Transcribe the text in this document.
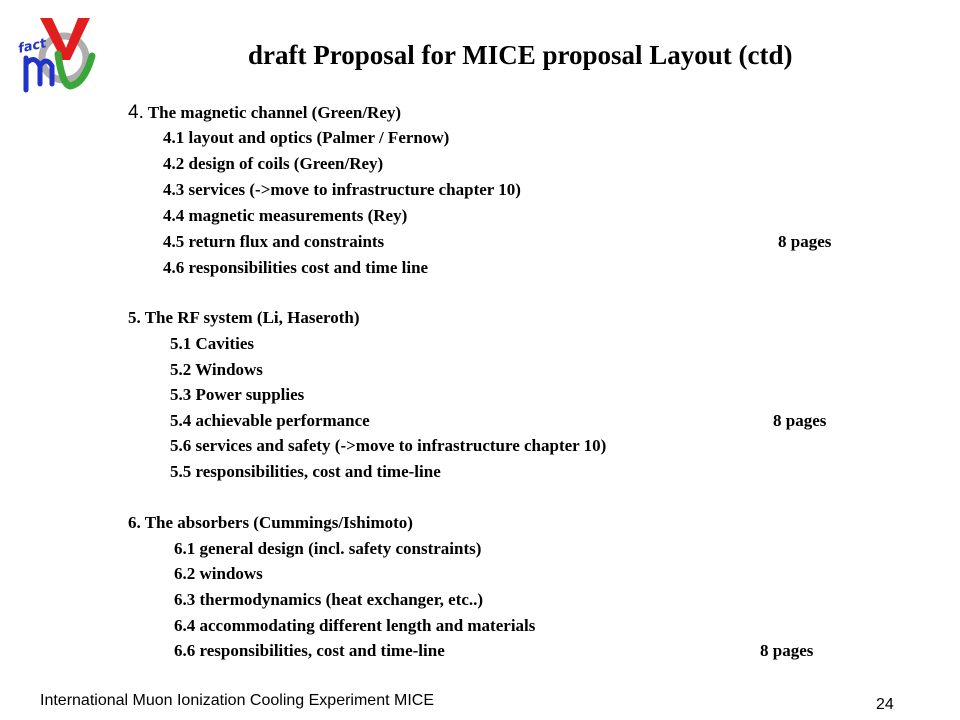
fact	draft Proposal for MICE proposal Layout (ctd)
4. The magnetic channel (Green/Rey)
4.1 layout and optics (Palmer / Fernow)
4.2 design of coils (Green/Rey)
4.3 services (->move to infrastructure chapter 10)
4.4 magnetic measurements (Rey)
4.5 return flux and constraints	8 pages
4.6 responsibilities cost and time line
5. The RF system (Li, Haseroth)
5.1 Cavities
5.2 Windows
5.3 Power supplies
5.4 achievable performance	8 pages
5.6 services and safety (->move to infrastructure chapter 10)
5.5 responsibilities, cost and time-line
6. The absorbers (Cummings/Ishimoto)
6.1 general design (incl. safety constraints)
6.2 windows
6.3 thermodynamics (heat exchanger, etc..)
6.4 accommodating different length and materials
6.6 responsibilities, cost and time-line	8 pages
International Muon Ionization Cooling Experiment MICE	24
